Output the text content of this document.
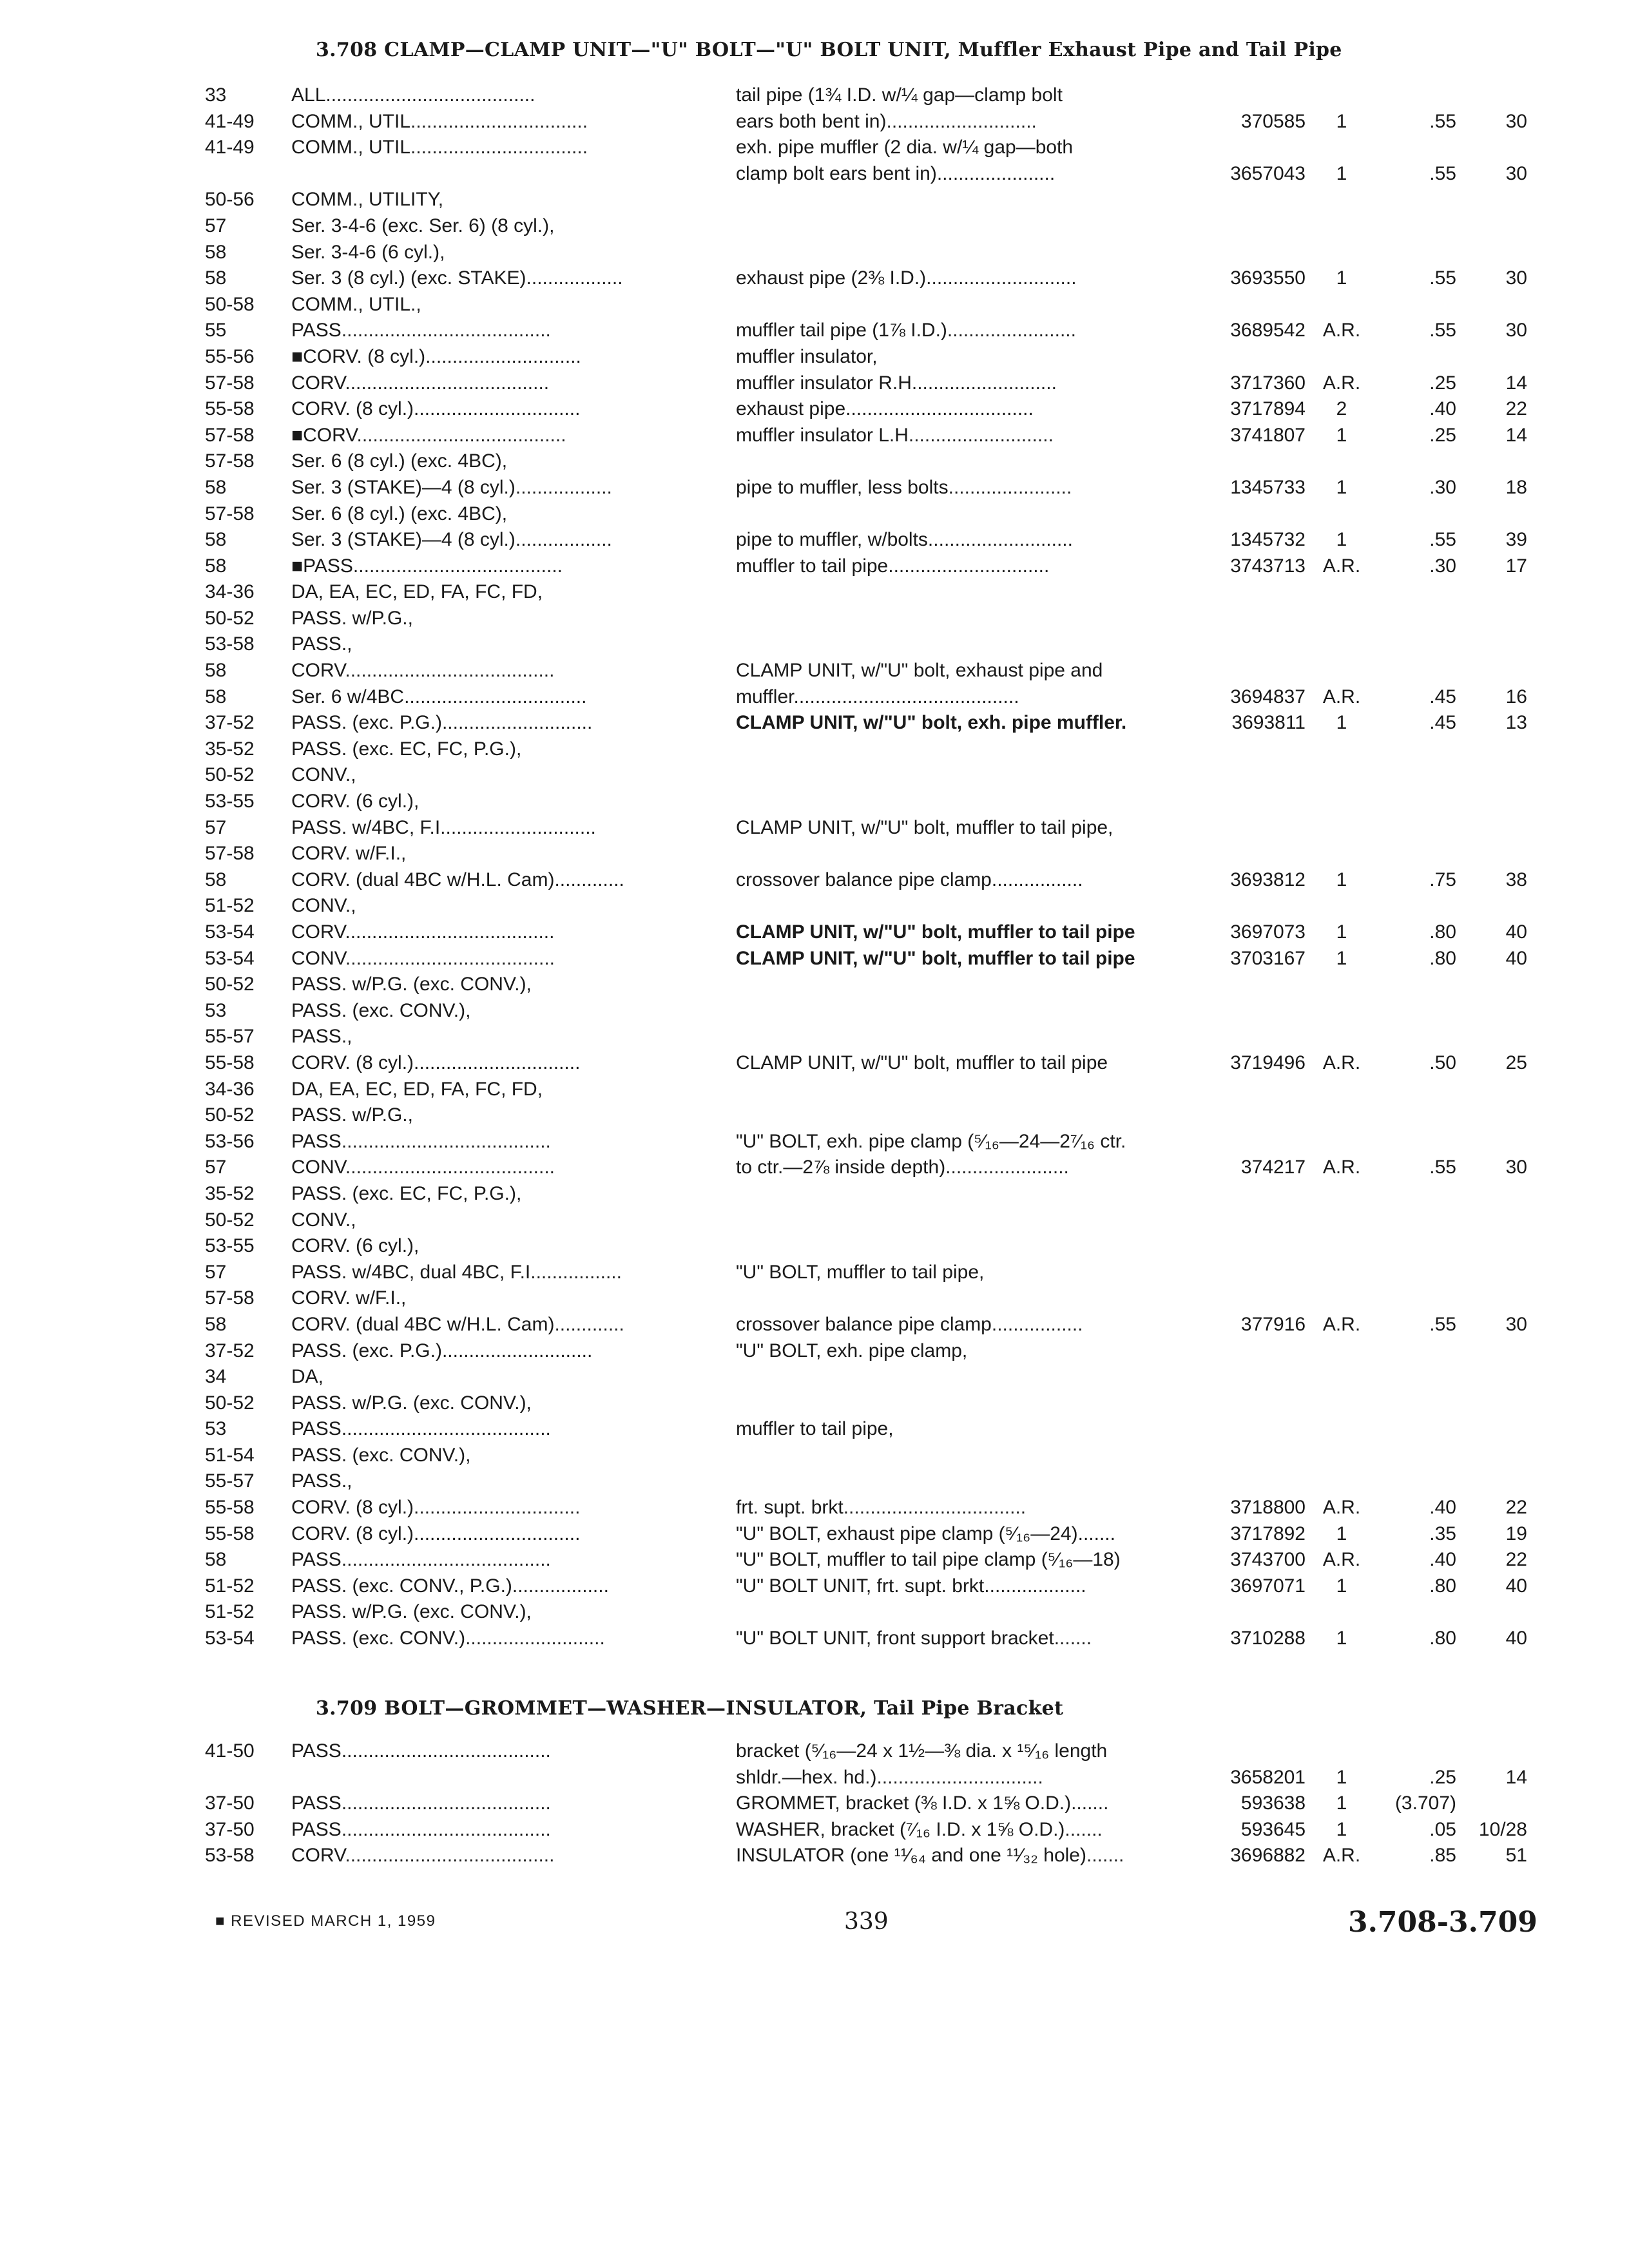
3.708 CLAMP—CLAMP UNIT—"U" BOLT—"U" BOLT UNIT, Muffler Exhaust Pipe and Tail Pipe
33	ALL.......................................	tail pipe (1¾ I.D. w/¼ gap—clamp bolt
41-49	COMM., UTIL.................................	ears both bent in)............................	370585	1	.55	30
41-49	COMM., UTIL.................................	exh. pipe muffler (2 dia. w/¼ gap—both
clamp bolt ears bent in)......................	3657043	1	.55	30
50-56	COMM., UTILITY,
57	Ser. 3-4-6 (exc. Ser. 6) (8 cyl.),
58	Ser. 3-4-6 (6 cyl.),
58	Ser. 3 (8 cyl.) (exc. STAKE)..................	exhaust pipe (2⅜ I.D.)............................	3693550	1	.55	30
50-58	COMM., UTIL.,
55	PASS.......................................	muffler tail pipe (1⅞ I.D.)........................	3689542 A.R.	.55	30
55-56	■CORV. (8 cyl.).............................	muffler insulator,
57-58	CORV......................................	muffler insulator R.H...........................	3717360 A.R.	.25	14
55-58	CORV. (8 cyl.)...............................	exhaust pipe...................................	3717894	2	.40	22
57-58	■CORV.......................................	muffler insulator L.H...........................	3741807	1	.25	14
57-58	Ser. 6 (8 cyl.) (exc. 4BC),
58	Ser. 3 (STAKE)—4 (8 cyl.)..................	pipe to muffler, less bolts.......................	1345733	1	.30	18
57-58	Ser. 6 (8 cyl.) (exc. 4BC),
58	Ser. 3 (STAKE)—4 (8 cyl.)..................	pipe to muffler, w/bolts...........................	1345732	1	.55	39
58	■PASS.......................................	muffler to tail pipe..............................	3743713 A.R.	.30	17
34-36	DA, EA, EC, ED, FA, FC, FD,
50-52	PASS. w/P.G.,
53-58	PASS.,
58	CORV.......................................	CLAMP UNIT, w/"U" bolt, exhaust pipe and
58	Ser. 6 w/4BC..................................	muffler..........................................	3694837 A.R.	.45	16
37-52	PASS. (exc. P.G.)............................	CLAMP UNIT, w/"U" bolt, exh. pipe muffler.	3693811	1	.45	13
35-52	PASS. (exc. EC, FC, P.G.),
50-52	CONV.,
53-55	CORV. (6 cyl.),
57	PASS. w/4BC, F.I.............................	CLAMP UNIT, w/"U" bolt, muffler to tail pipe,
57-58	CORV. w/F.I.,
58	CORV. (dual 4BC w/H.L. Cam).............	crossover balance pipe clamp.................	3693812	1	.75	38
51-52	CONV.,
53-54	CORV.......................................	CLAMP UNIT, w/"U" bolt, muffler to tail pipe	3697073	1	.80	40
53-54	CONV.......................................	CLAMP UNIT, w/"U" bolt, muffler to tail pipe	3703167	1	.80	40
50-52	PASS. w/P.G. (exc. CONV.),
53	PASS. (exc. CONV.),
55-57	PASS.,
55-58	CORV. (8 cyl.)...............................	CLAMP UNIT, w/"U" bolt, muffler to tail pipe	3719496 A.R.	.50	25
34-36	DA, EA, EC, ED, FA, FC, FD,
50-52	PASS. w/P.G.,
53-56	PASS.......................................	"U" BOLT, exh. pipe clamp (⁵⁄₁₆—24—2⁷⁄₁₆ ctr.
57	CONV.......................................	to ctr.—2⅞ inside depth).......................	374217 A.R.	.55	30
35-52	PASS. (exc. EC, FC, P.G.),
50-52	CONV.,
53-55	CORV. (6 cyl.),
57	PASS. w/4BC, dual 4BC, F.I.................	"U" BOLT, muffler to tail pipe,
57-58	CORV. w/F.I.,
58	CORV. (dual 4BC w/H.L. Cam).............	crossover balance pipe clamp.................	377916 A.R.	.55	30
37-52	PASS. (exc. P.G.)............................	"U" BOLT, exh. pipe clamp,
34	DA,
50-52	PASS. w/P.G. (exc. CONV.),
53	PASS.......................................	muffler to tail pipe,
51-54	PASS. (exc. CONV.),
55-57	PASS.,
55-58	CORV. (8 cyl.)...............................	frt. supt. brkt..................................	3718800 A.R.	.40	22
55-58	CORV. (8 cyl.)...............................	"U" BOLT, exhaust pipe clamp (⁵⁄₁₆—24).......	3717892	1	.35	19
58	PASS.......................................	"U" BOLT, muffler to tail pipe clamp (⁵⁄₁₆—18)	3743700 A.R.	.40	22
51-52	PASS. (exc. CONV., P.G.)..................	"U" BOLT UNIT, frt. supt. brkt...................	3697071	1	.80	40
51-52	PASS. w/P.G. (exc. CONV.),
53-54	PASS. (exc. CONV.)..........................	"U" BOLT UNIT, front support bracket.......	3710288	1	.80	40
3.709 BOLT—GROMMET—WASHER—INSULATOR, Tail Pipe Bracket
41-50	PASS.......................................	bracket (⁵⁄₁₆—24 x 1½—⅜ dia. x ¹⁵⁄₁₆ length
shldr.—hex. hd.)...............................	3658201	1	.25	14
37-50	PASS.......................................	GROMMET, bracket (⅜ I.D. x 1⅝ O.D.).......	593638	1	(3.707)
37-50	PASS.......................................	WASHER, bracket (⁷⁄₁₆ I.D. x 1⅝ O.D.).......	593645	1	.05	10/28
53-58	CORV.......................................	INSULATOR (one ¹¹⁄₆₄ and one ¹¹⁄₃₂ hole).......	3696882 A.R.	.85	51
■ REVISED MARCH 1, 1959	339	3.708-3.709
